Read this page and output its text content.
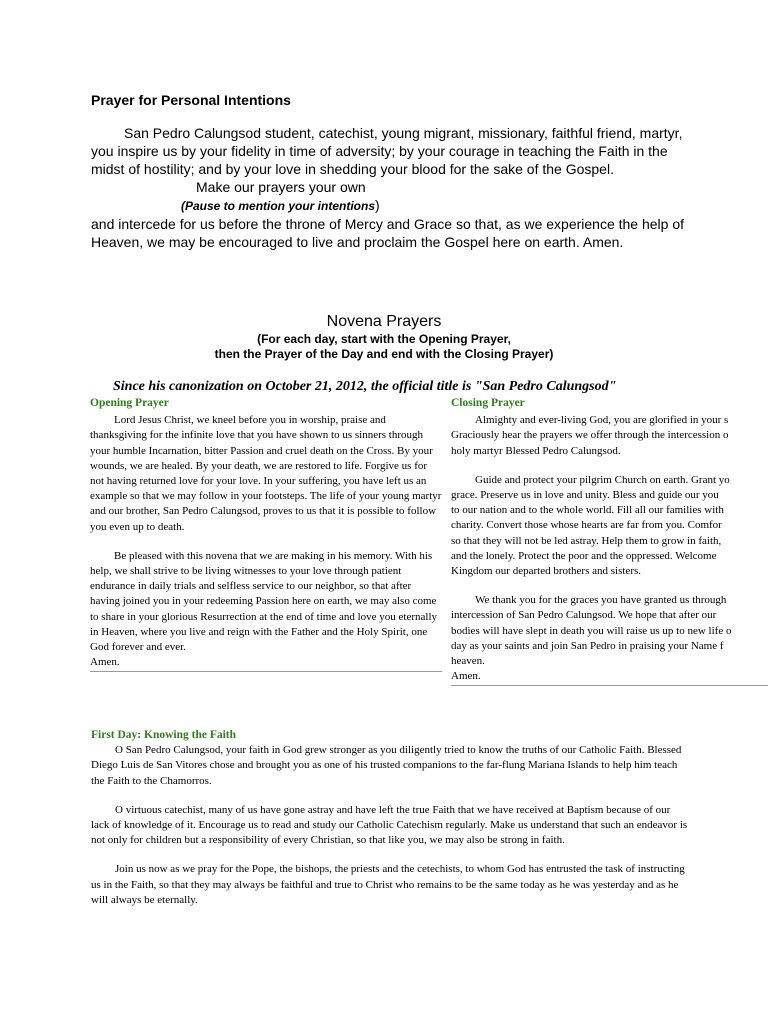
Prayer for Personal Intentions

San Pedro Calungsod student, catechist, young migrant, missionary, faithful friend, martyr, you inspire us by your fidelity in time of adversity; by your courage in teaching the Faith in the midst of hostility; and by your love in shedding your blood for the sake of the Gospel.

Make our prayers your own

(Pause to mention your intentions)

and intercede for us before the throne of Mercy and Grace so that, as we experience the help of Heaven, we may be encouraged to live and proclaim the Gospel here on earth. Amen.

Novena Prayers

(For each day, start with the Opening Prayer,

then the Prayer of the Day and end with the Closing Prayer)

Since his canonization on October 21, 2012, the official title is "San Pedro Calungsod"

Opening Prayer

Lord Jesus Christ, we kneel before you in worship, praise and thanksgiving for the infinite love that you have shown to us sinners through your humble Incarnation, bitter Passion and cruel death on the Cross. By your wounds, we are healed. By your death, we are restored to life. Forgive us for not having returned love for your love. In your suffering, you have left us an example so that we may follow in your footsteps. The life of your young martyr and our brother, San Pedro Calungsod, proves to us that it is possible to follow you even up to death.

Be pleased with this novena that we are making in his memory. With his help, we shall strive to be living witnesses to your love through patient endurance in daily trials and selfless service to our neighbor, so that after having joined you in your redeeming Passion here on earth, we may also come to share in your glorious Resurrection at the end of time and love you eternally in Heaven, where you live and reign with the Father and the Holy Spirit, one God forever and ever.

Amen.

Closing Prayer

Almighty and ever-living God, you are glorified in your s

Graciously hear the prayers we offer through the intercession o

holy martyr Blessed Pedro Calungsod.

Guide and protect your pilgrim Church on earth. Grant yo

grace. Preserve us in love and unity. Bless and guide our you

to our nation and to the whole world. Fill all our families with

charity. Convert those whose hearts are far from you. Comfor

so that they will not be led astray. Help them to grow in faith,

and the lonely. Protect the poor and the oppressed. Welcome

Kingdom our departed brothers and sisters.

We thank you for the graces you have granted us through

intercession of San Pedro Calungsod. We hope that after our

bodies will have slept in death you will raise us up to new life o

day as your saints and join San Pedro in praising your Name f

heaven.

Amen.

First Day: Knowing the Faith

O San Pedro Calungsod, your faith in God grew stronger as you diligently tried to know the truths of our Catholic Faith. Blessed Diego Luis de San Vitores chose and brought you as one of his trusted companions to the far-flung Mariana Islands to help him teach the Faith to the Chamorros.

O virtuous catechist, many of us have gone astray and have left the true Faith that we have received at Baptism because of our lack of knowledge of it. Encourage us to read and study our Catholic Catechism regularly. Make us understand that such an endeavor is not only for children but a responsibility of every Christian, so that like you, we may also be strong in faith.

Join us now as we pray for the Pope, the bishops, the priests and the cetechists, to whom God has entrusted the task of instructing us in the Faith, so that they may always be faithful and true to Christ who remains to be the same today as he was yesterday and as he will always be eternally.
